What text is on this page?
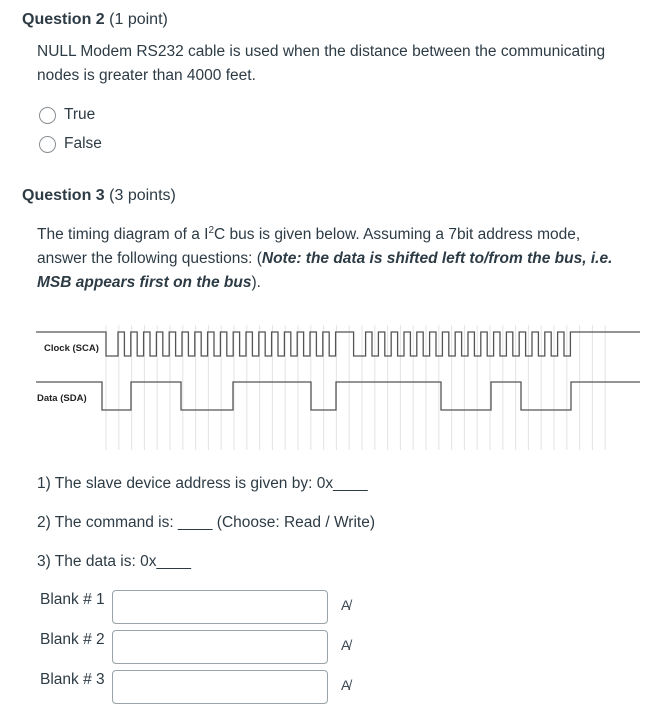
Question 2 (1 point)
NULL Modem RS232 cable is used when the distance between the communicating
nodes is greater than 4000 feet.
True
False
Question 3 (3 points)
The timing diagram of a $I^2C$ bus is given below. Assuming a 7bit address mode,
answer the following questions: (Note: the data is shifted left to/from the bus, i.e.
MSB appears first on the bus).
Clock (SCA)
Data (SDA)
1) The slave device address is given by: 0x____
2) The command is: ____ (Choose: Read / Write)
3) The data is: 0x____
Blank # 1	A̸
Blank # 2	A̸
Blank # 3	A̸
